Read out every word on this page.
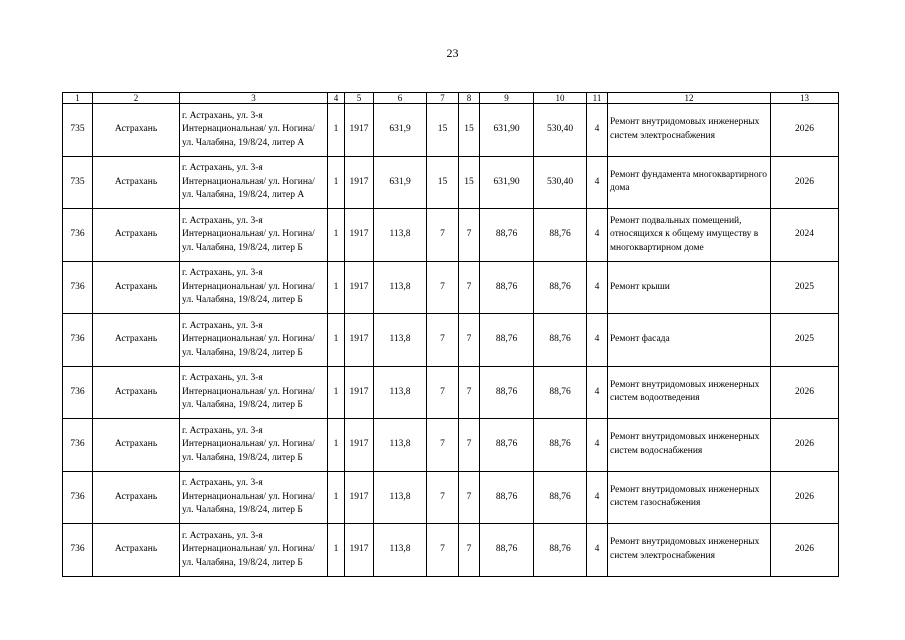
23
1	2	3	4	5	6	7	8	9	10	11	12	13
735	Астрахань	г. Астрахань, ул. 3-я Интернациональная/ ул. Ногина/ ул. Чалабяна, 19/8/24, литер А	1	1917	631,9	15	15	631,90	530,40	4	Ремонт внутридомовых инженерных систем электроснабжения	2026
735	Астрахань	г. Астрахань, ул. 3-я Интернациональная/ ул. Ногина/ ул. Чалабяна, 19/8/24, литер А	1	1917	631,9	15	15	631,90	530,40	4	Ремонт фундамента многоквартирного дома	2026
736	Астрахань	г. Астрахань, ул. 3-я Интернациональная/ ул. Ногина/ ул. Чалабяна, 19/8/24, литер Б	1	1917	113,8	7	7	88,76	88,76	4	Ремонт подвальных помещений, относящихся к общему имуществу в многоквартирном доме	2024
736	Астрахань	г. Астрахань, ул. 3-я Интернациональная/ ул. Ногина/ ул. Чалабяна, 19/8/24, литер Б	1	1917	113,8	7	7	88,76	88,76	4	Ремонт крыши	2025
736	Астрахань	г. Астрахань, ул. 3-я Интернациональная/ ул. Ногина/ ул. Чалабяна, 19/8/24, литер Б	1	1917	113,8	7	7	88,76	88,76	4	Ремонт фасада	2025
736	Астрахань	г. Астрахань, ул. 3-я Интернациональная/ ул. Ногина/ ул. Чалабяна, 19/8/24, литер Б	1	1917	113,8	7	7	88,76	88,76	4	Ремонт внутридомовых инженерных систем водоотведения	2026
736	Астрахань	г. Астрахань, ул. 3-я Интернациональная/ ул. Ногина/ ул. Чалабяна, 19/8/24, литер Б	1	1917	113,8	7	7	88,76	88,76	4	Ремонт внутридомовых инженерных систем водоснабжения	2026
736	Астрахань	г. Астрахань, ул. 3-я Интернациональная/ ул. Ногина/ ул. Чалабяна, 19/8/24, литер Б	1	1917	113,8	7	7	88,76	88,76	4	Ремонт внутридомовых инженерных систем газоснабжения	2026
736	Астрахань	г. Астрахань, ул. 3-я Интернациональная/ ул. Ногина/ ул. Чалабяна, 19/8/24, литер Б	1	1917	113,8	7	7	88,76	88,76	4	Ремонт внутридомовых инженерных систем электроснабжения	2026
